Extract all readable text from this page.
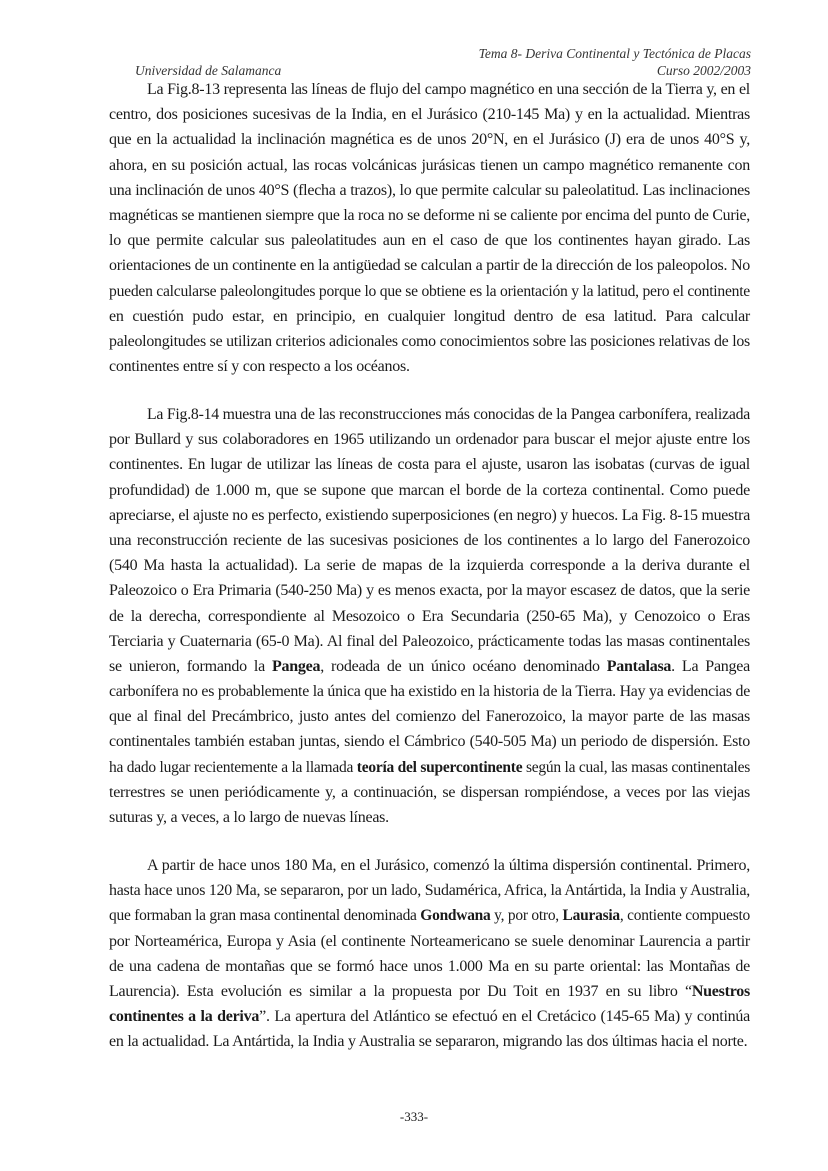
Tema 8- Deriva Continental y Tectónica de Placas
Universidad de Salamanca	Curso 2002/2003
La Fig.8-13 representa las líneas de flujo del campo magnético en una sección de la Tierra y, en el
centro, dos posiciones sucesivas de la India, en el Jurásico (210-145 Ma) y en la actualidad. Mientras
que en la actualidad la inclinación magnética es de unos 20°N, en el Jurásico (J) era de unos 40°S y,
ahora, en su posición actual, las rocas volcánicas jurásicas tienen un campo magnético remanente con
una inclinación de unos 40°S (flecha a trazos), lo que permite calcular su paleolatitud. Las inclinaciones
magnéticas se mantienen siempre que la roca no se deforme ni se caliente por encima del punto de Curie,
lo que permite calcular sus paleolatitudes aun en el caso de que los continentes hayan girado. Las
orientaciones de un continente en la antigüedad se calculan a partir de la dirección de los paleopolos. No
pueden calcularse paleolongitudes porque lo que se obtiene es la orientación y la latitud, pero el continente
en cuestión pudo estar, en principio, en cualquier longitud dentro de esa latitud. Para calcular
paleolongitudes se utilizan criterios adicionales como conocimientos sobre las posiciones relativas de los
continentes entre sí y con respecto a los océanos.
La Fig.8-14 muestra una de las reconstrucciones más conocidas de la Pangea carbonífera, realizada
por Bullard y sus colaboradores en 1965 utilizando un ordenador para buscar el mejor ajuste entre los
continentes. En lugar de utilizar las líneas de costa para el ajuste, usaron las isobatas (curvas de igual
profundidad) de 1.000 m, que se supone que marcan el borde de la corteza continental. Como puede
apreciarse, el ajuste no es perfecto, existiendo superposiciones (en negro) y huecos. La Fig. 8-15 muestra
una reconstrucción reciente de las sucesivas posiciones de los continentes a lo largo del Fanerozoico
(540 Ma hasta la actualidad). La serie de mapas de la izquierda corresponde a la deriva durante el
Paleozoico o Era Primaria (540-250 Ma) y es menos exacta, por la mayor escasez de datos, que la serie
de la derecha, correspondiente al Mesozoico o Era Secundaria (250-65 Ma), y Cenozoico o Eras
Terciaria y Cuaternaria (65-0 Ma). Al final del Paleozoico, prácticamente todas las masas continentales
se unieron, formando la Pangea, rodeada de un único océano denominado Pantalasa. La Pangea
carbonífera no es probablemente la única que ha existido en la historia de la Tierra. Hay ya evidencias de
que al final del Precámbrico, justo antes del comienzo del Fanerozoico, la mayor parte de las masas
continentales también estaban juntas, siendo el Cámbrico (540-505 Ma) un periodo de dispersión. Esto
ha dado lugar recientemente a la llamada teoría del supercontinente según la cual, las masas continentales
terrestres se unen periódicamente y, a continuación, se dispersan rompiéndose, a veces por las viejas
suturas y, a veces, a lo largo de nuevas líneas.
A partir de hace unos 180 Ma, en el Jurásico, comenzó la última dispersión continental. Primero,
hasta hace unos 120 Ma, se separaron, por un lado, Sudamérica, Africa, la Antártida, la India y Australia,
que formaban la gran masa continental denominada Gondwana y, por otro, Laurasia, contiente compuesto
por Norteamérica, Europa y Asia (el continente Norteamericano se suele denominar Laurencia a partir
de una cadena de montañas que se formó hace unos 1.000 Ma en su parte oriental: las Montañas de
Laurencia). Esta evolución es similar a la propuesta por Du Toit en 1937 en su libro “Nuestros
continentes a la deriva”. La apertura del Atlántico se efectuó en el Cretácico (145-65 Ma) y continúa
en la actualidad. La Antártida, la India y Australia se separaron, migrando las dos últimas hacia el norte.
-333-
